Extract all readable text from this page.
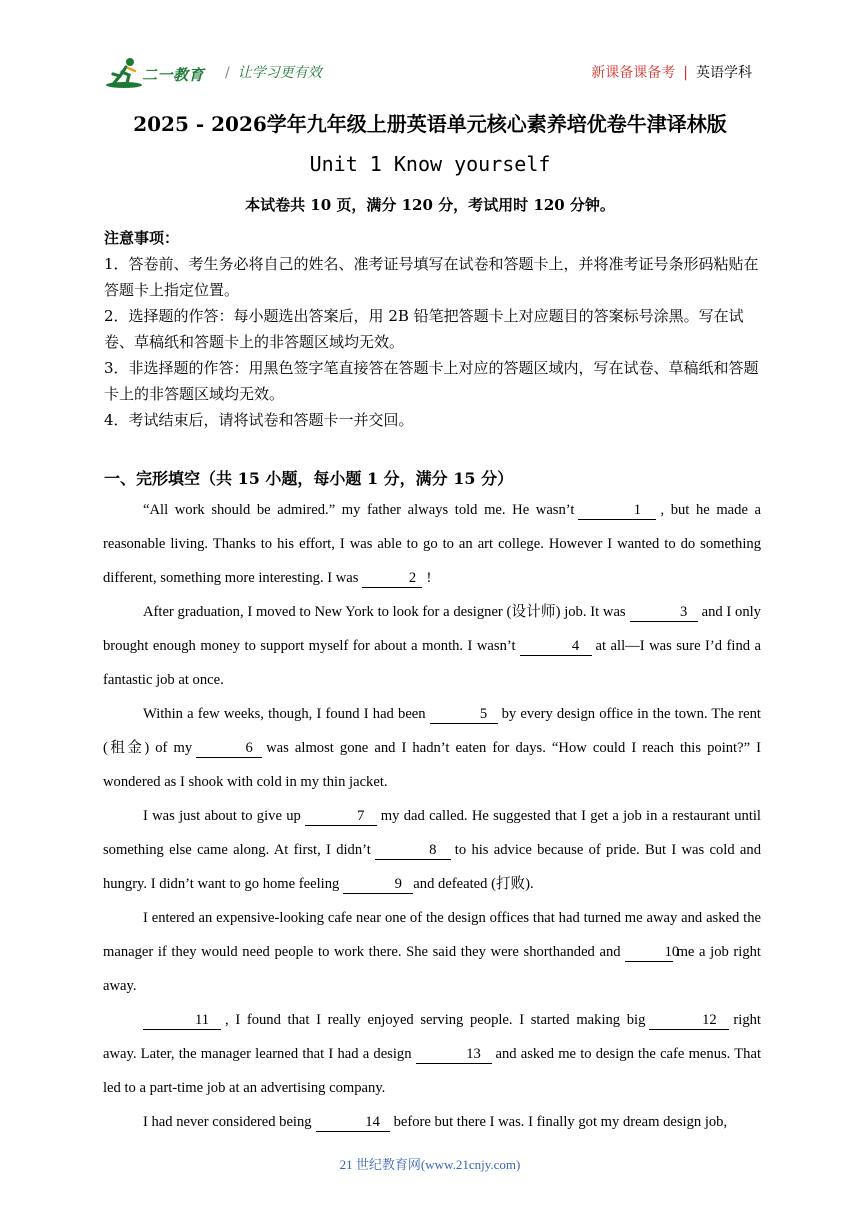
二一教育 / 让学习更有效	新课备课备考 | 英语学科
2025 - 2026学年九年级上册英语单元核心素养培优卷牛津译林版
Unit 1 Know yourself
本试卷共 10 页，满分 120 分，考试用时 120 分钟。

注意事项：

1．答卷前、考生务必将自己的姓名、准考证号填写在试卷和答题卡上，并将准考证号条形码粘贴在答题卡上指定位置。

2．选择题的作答：每小题选出答案后，用 2B 铅笔把答题卡上对应题目的答案标号涂黑。写在试卷、草稿纸和答题卡上的非答题区域均无效。

3．非选择题的作答：用黑色签字笔直接答在答题卡上对应的答题区域内，写在试卷、草稿纸和答题卡上的非答题区域均无效。

4．考试结束后，请将试卷和答题卡一并交回。

一、完形填空（共 15 小题，每小题 1 分，满分 15 分）

“All work should be admired.” my father always told me. He wasn’t	1 , but he made a reasonable living. Thanks to his effort, I was able to go to an art college. However I wanted to do something different, something more interesting. I was	2 !

After graduation, I moved to New York to look for a designer (设计师) job. It was	3 and I only brought enough money to support myself for about a month. I wasn’t	4 at all—I was sure I’d find a fantastic job at once.

Within a few weeks, though, I found I had been	5 by every design office in the town. The rent (租金) of my	6 was almost gone and I hadn’t eaten for days. “How could I reach this point?” I wondered as I shook with cold in my thin jacket.

I was just about to give up	7 my dad called. He suggested that I get a job in a restaurant until something else came along. At first, I didn’t	8 to his advice because of pride. But I was cold and hungry. I didn’t want to go home feeling	9 and defeated (打败).

I entered an expensive-looking cafe near one of the design offices that had turned me away and asked the manager if they would need people to work there. She said they were shorthanded and	10me a job right away.

11 , I found that I really enjoyed serving people. I started making big	12 right away. Later, the manager learned that I had a design	13 and asked me to design the cafe menus. That led to a part-time job at an advertising company.

I had never considered being	14 before but there I was. I finally got my dream design job,

21 世纪教育网(www.21cnjy.com)
